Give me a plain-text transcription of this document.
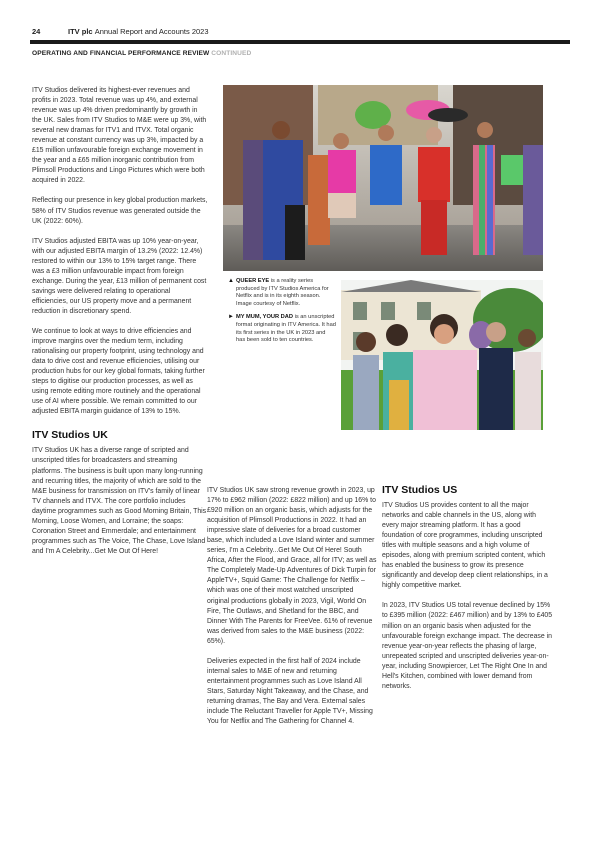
24	ITV plc Annual Report and Accounts 2023
OPERATING AND FINANCIAL PERFORMANCE REVIEW CONTINUED

ITV Studios delivered its highest-ever revenues and profits in 2023. Total revenue was up 4%, and external revenue was up 4% driven predominantly by growth in the UK. Sales from ITV Studios to M&E were up 3%, with several new dramas for ITV1 and ITVX. Total organic revenue at constant currency was up 3%, impacted by a £15 million unfavourable foreign exchange movement in the year and a £65 million inorganic contribution from Plimsoll Productions and Lingo Pictures which were both acquired in 2022.

Reflecting our presence in key global production markets, 58% of ITV Studios revenue was generated outside the UK (2022: 60%).

ITV Studios adjusted EBITA was up 10% year-on-year, with our adjusted EBITA margin of 13.2% (2022: 12.4%) restored to within our 13% to 15% target range. There was a £3 million unfavourable impact from foreign exchange. During the year, £13 million of permanent cost savings were delivered relating to operational efficiencies, our US property move and a permanent reduction in discretionary spend.

We continue to look at ways to drive efficiencies and improve margins over the medium term, including rationalising our property footprint, using technology and data to drive cost and revenue efficiencies, utilising our production hubs for our key global formats, taking further steps to digitise our production processes, as well as using remote editing more routinely and the operational use of AI where possible. We remain committed to our adjusted EBITA margin guidance of 13% to 15%.

ITV Studios UK

ITV Studios UK has a diverse range of scripted and unscripted titles for broadcasters and streaming platforms. The business is built upon many long-running and recurring titles, the majority of which are sold to the M&E business for transmission on ITV's family of linear TV channels and ITVX. The core portfolio includes daytime programmes such as Good Morning Britain, This Morning, Loose Women, and Lorraine; the soaps: Coronation Street and Emmerdale; and entertainment programmes such as The Voice, The Chase, Love Island and I'm A Celebrity...Get Me Out Of Here!

▲ QUEER EYE is a reality series produced by ITV Studios America for Netflix and is in its eighth season. Image courtesy of Netflix.

► MY MUM, YOUR DAD is an unscripted format originating in ITV America. It had its first series in the UK in 2023 and has been sold to ten countries.

ITV Studios UK saw strong revenue growth in 2023, up 17% to £962 million (2022: £822 million) and up 16% to £920 million on an organic basis, which adjusts for the acquisition of Plimsoll Productions in 2022. It had an impressive slate of deliveries for a broad customer base, which included a Love Island winter and summer series, I'm a Celebrity...Get Me Out Of Here! South Africa, After the Flood, and Grace, all for ITV; as well as The Completely Made-Up Adventures of Dick Turpin for AppleTV+, Squid Game: The Challenge for Netflix – which was one of their most watched unscripted original productions globally in 2023, Vigil, World On Fire, The Outlaws, and Shetland for the BBC, and Dinner With The Parents for FreeVee. 61% of revenue was derived from sales to the M&E business (2022: 65%).

Deliveries expected in the first half of 2024 include internal sales to M&E of new and returning entertainment programmes such as Love Island All Stars, Saturday Night Takeaway, and the Chase, and returning dramas, The Bay and Vera. External sales include The Reluctant Traveller for Apple TV+, Missing You for Netflix and The Gathering for Channel 4.

ITV Studios US

ITV Studios US provides content to all the major networks and cable channels in the US, along with every major streaming platform. It has a good foundation of core programmes, including unscripted titles with multiple seasons and a high volume of episodes, along with premium scripted content, which has enabled the business to grow its presence significantly and develop deep client relationships, in a highly competitive market.

In 2023, ITV Studios US total revenue declined by 15% to £395 million (2022: £467 million) and by 13% to £405 million on an organic basis when adjusted for the unfavourable foreign exchange impact. The decrease in revenue year-on-year reflects the phasing of large, unrepeated scripted and unscripted deliveries year-on-year, including Snowpiercer, Let The Right One In and Hell's Kitchen, combined with lower demand from networks.
